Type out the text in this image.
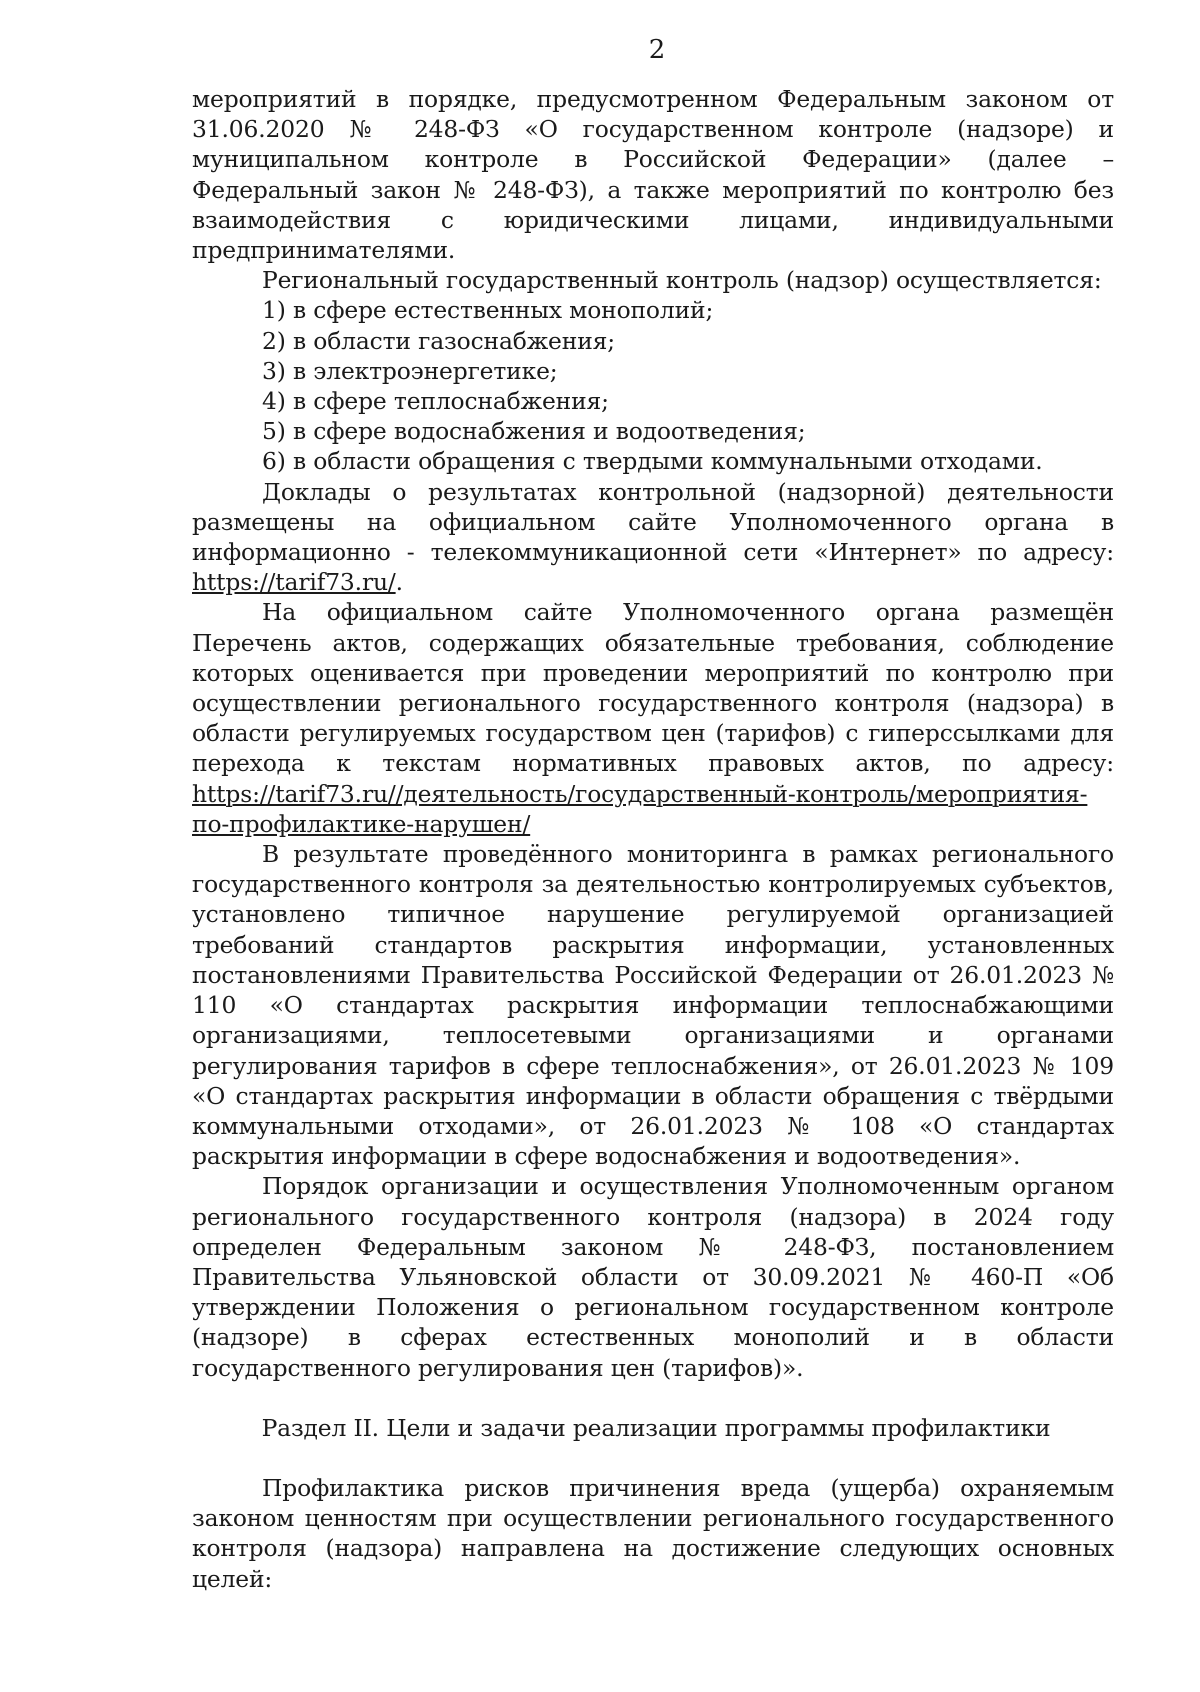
2

мероприятий в порядке, предусмотренном Федеральным законом от 31.06.2020 № 248-ФЗ «О государственном контроле (надзоре) и муниципальном контроле в Российской Федерации» (далее – Федеральный закон № 248-ФЗ), а также мероприятий по контролю без взаимодействия с юридическими лицами, индивидуальными предпринимателями.

Региональный государственный контроль (надзор) осуществляется:

1) в сфере естественных монополий;

2) в области газоснабжения;

3) в электроэнергетике;

4) в сфере теплоснабжения;

5) в сфере водоснабжения и водоотведения;

6) в области обращения с твердыми коммунальными отходами.

Доклады о результатах контрольной (надзорной) деятельности размещены на официальном сайте Уполномоченного органа в информационно - телекоммуникационной сети «Интернет» по адресу: https://tarif73.ru/.

На официальном сайте Уполномоченного органа размещён Перечень актов, содержащих обязательные требования, соблюдение которых оценивается при проведении мероприятий по контролю при осуществлении регионального государственного контроля (надзора) в области регулируемых государством цен (тарифов) с гиперссылками для перехода к текстам нормативных правовых актов, по адресу: https://tarif73.ru//деятельность/государственный-контроль/мероприятия-по-профилактике-нарушен/

В результате проведённого мониторинга в рамках регионального государственного контроля за деятельностью контролируемых субъектов, установлено типичное нарушение регулируемой организацией требований стандартов раскрытия информации, установленных постановлениями Правительства Российской Федерации от 26.01.2023 № 110 «О стандартах раскрытия информации теплоснабжающими организациями, теплосетевыми организациями и органами регулирования тарифов в сфере теплоснабжения», от 26.01.2023 № 109 «О стандартах раскрытия информации в области обращения с твёрдыми коммунальными отходами», от 26.01.2023 № 108 «О стандартах раскрытия информации в сфере водоснабжения и водоотведения».

Порядок организации и осуществления Уполномоченным органом регионального государственного контроля (надзора) в 2024 году определен Федеральным законом № 248-ФЗ, постановлением Правительства Ульяновской области от 30.09.2021 № 460-П «Об утверждении Положения о региональном государственном контроле (надзоре) в сферах естественных монополий и в области государственного регулирования цен (тарифов)».

Раздел II. Цели и задачи реализации программы профилактики

Профилактика рисков причинения вреда (ущерба) охраняемым законом ценностям при осуществлении регионального государственного контроля (надзора) направлена на достижение следующих основных целей:
